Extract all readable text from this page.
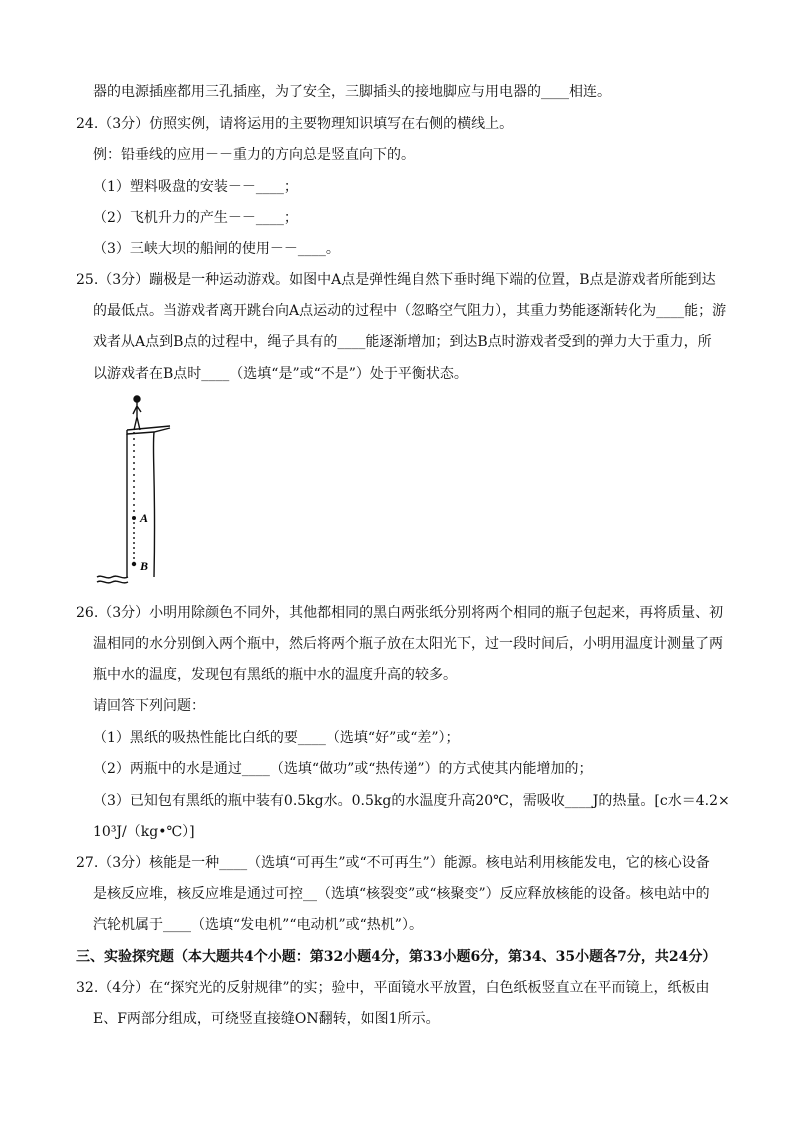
器的电源插座都用三孔插座，为了安全，三脚插头的接地脚应与用电器的____相连。
24.（3分）仿照实例，请将运用的主要物理知识填写在右侧的横线上。
例：铅垂线的应用－－重力的方向总是竖直向下的。
（1）塑料吸盘的安装－－____；
（2）飞机升力的产生－－____；
（3）三峡大坝的船闸的使用－－____。
25.（3分）蹦极是一种运动游戏。如图中A点是弹性绳自然下垂时绳下端的位置，B点是游戏者所能到达
的最低点。当游戏者离开跳台向A点运动的过程中（忽略空气阻力），其重力势能逐渐转化为____能；游
戏者从A点到B点的过程中，绳子具有的____能逐渐增加；到达B点时游戏者受到的弹力大于重力，所
以游戏者在B点时____（选填“是”或“不是”）处于平衡状态。
A
B
26.（3分）小明用除颜色不同外，其他都相同的黑白两张纸分别将两个相同的瓶子包起来，再将质量、初
温相同的水分别倒入两个瓶中，然后将两个瓶子放在太阳光下，过一段时间后，小明用温度计测量了两
瓶中水的温度，发现包有黑纸的瓶中水的温度升高的较多。
请回答下列问题：
（1）黑纸的吸热性能比白纸的要____（选填“好”或“差”）；
（2）两瓶中的水是通过____（选填“做功”或“热传递”）的方式使其内能增加的；
（3）已知包有黑纸的瓶中装有0.5kg水。0.5kg的水温度升高20℃，需吸收____J的热量。[c水＝4.2×
10³J/（kg•℃）]
27.（3分）核能是一种____（选填“可再生”或“不可再生”）能源。核电站利用核能发电，它的核心设备
是核反应堆，核反应堆是通过可控__（选填“核裂变”或“核聚变”）反应释放核能的设备。核电站中的
汽轮机属于____（选填“发电机”“电动机”或“热机”）。
三、实验探究题（本大题共4个小题：第32小题4分，第33小题6分，第34、35小题各7分，共24分）
32.（4分）在“探究光的反射规律”的实；验中，平面镜水平放置，白色纸板竖直立在平而镜上，纸板由
E、F两部分组成，可绕竖直接缝ON翻转，如图1所示。
